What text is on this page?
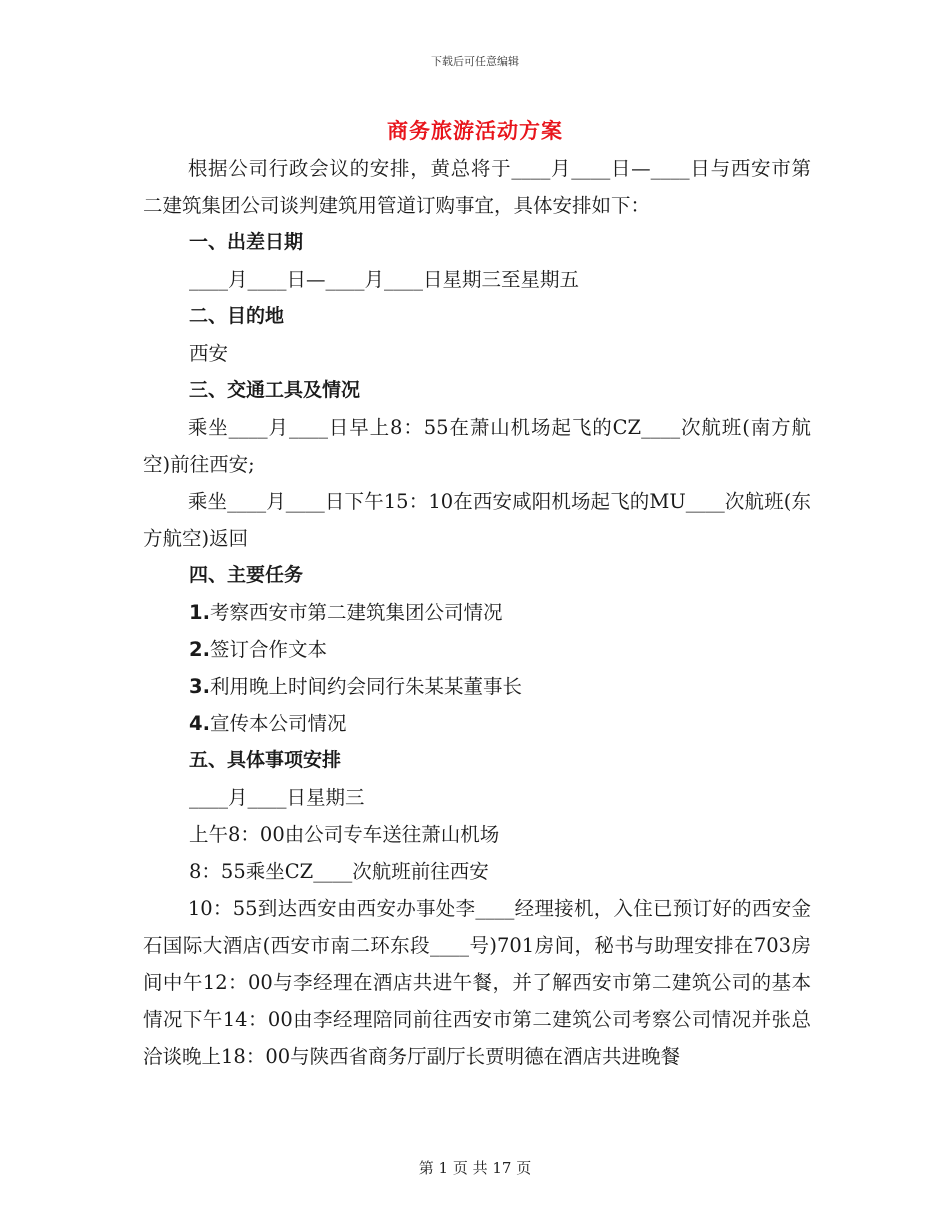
下载后可任意编辑
商务旅游活动方案

根据公司行政会议的安排，黄总将于____月____日—____日与西安市第二建筑集团公司谈判建筑用管道订购事宜，具体安排如下：

一、出差日期

____月____日—____月____日星期三至星期五

二、目的地

西安

三、交通工具及情况

乘坐____月____日早上8：55在萧山机场起飞的CZ____次航班(南方航空)前往西安;

乘坐____月____日下午15：10在西安咸阳机场起飞的MU____次航班(东方航空)返回

四、主要任务

1.考察西安市第二建筑集团公司情况

2.签订合作文本

3.利用晚上时间约会同行朱某某董事长

4.宣传本公司情况

五、具体事项安排

____月____日星期三

上午8：00由公司专车送往萧山机场

8：55乘坐CZ____次航班前往西安

10：55到达西安由西安办事处李____经理接机，入住已预订好的西安金石国际大酒店(西安市南二环东段____号)701房间，秘书与助理安排在703房间中午12：00与李经理在酒店共进午餐，并了解西安市第二建筑公司的基本情况下午14：00由李经理陪同前往西安市第二建筑公司考察公司情况并张总洽谈晚上18：00与陕西省商务厅副厅长贾明德在酒店共进晚餐

第 1 页 共 17 页
